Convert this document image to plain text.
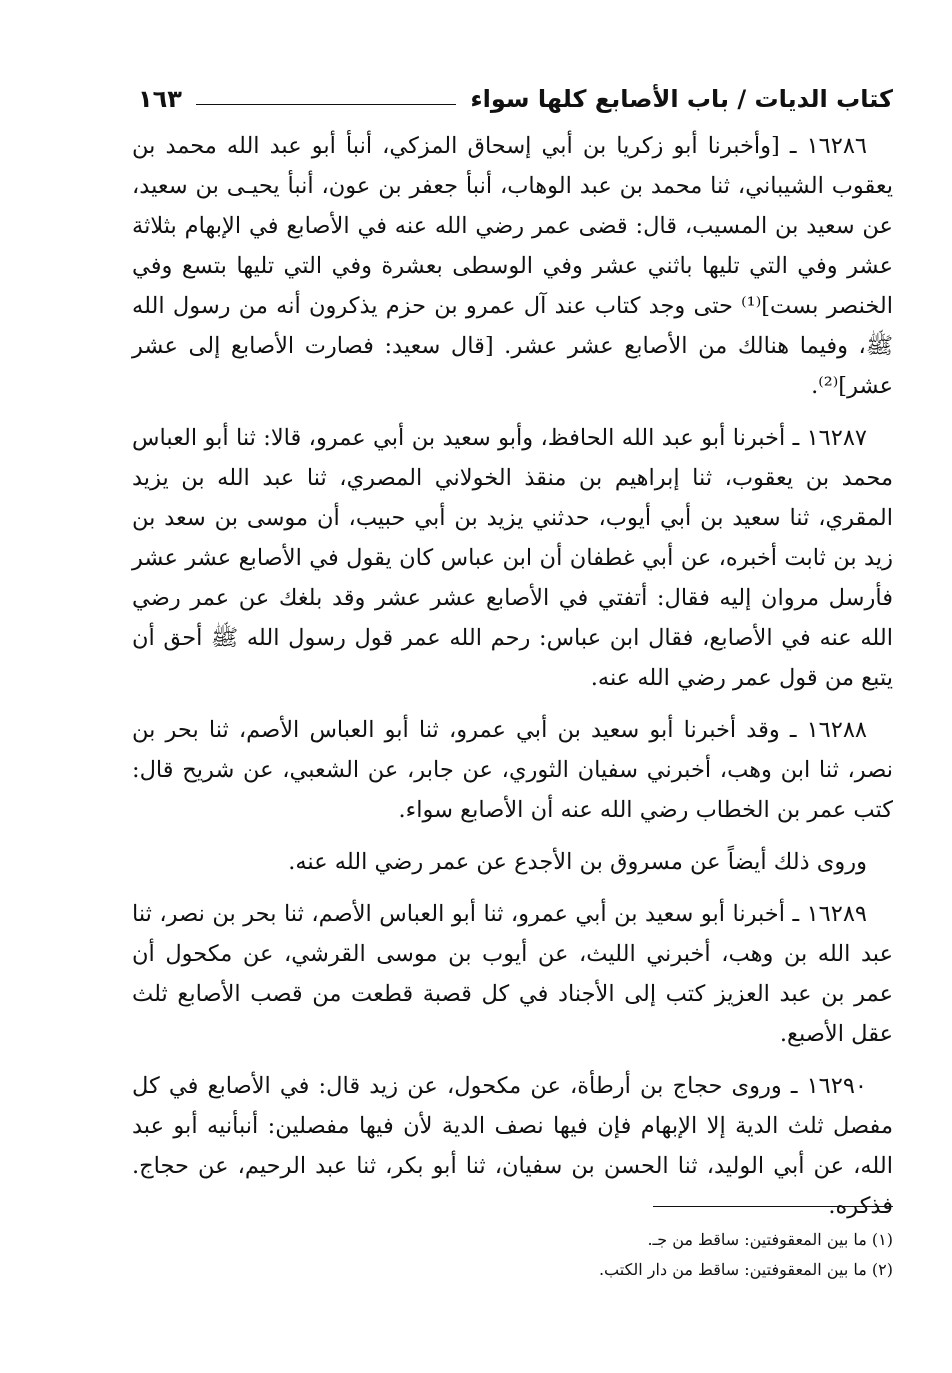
كتاب الديات / باب الأصابع كلها سواء
١٦٣

١٦٢٨٦ ـ [وأخبرنا أبو زكريا بن أبي إسحاق المزكي، أنبأ أبو عبد الله محمد بن يعقوب الشيباني، ثنا محمد بن عبد الوهاب، أنبأ جعفر بن عون، أنبأ يحيـى بن سعيد، عن سعيد بن المسيب، قال: قضى عمر رضي الله عنه في الأصابع في الإبهام بثلاثة عشر وفي التي تليها باثني عشر وفي الوسطى بعشرة وفي التي تليها بتسع وفي الخنصر بست]⁽¹⁾ حتى وجد كتاب عند آل عمرو بن حزم يذكرون أنه من رسول الله ﷺ، وفيما هنالك من الأصابع عشر عشر. [قال سعيد: فصارت الأصابع إلى عشر عشر]⁽²⁾.

١٦٢٨٧ ـ أخبرنا أبو عبد الله الحافظ، وأبو سعيد بن أبي عمرو، قالا: ثنا أبو العباس محمد بن يعقوب، ثنا إبراهيم بن منقذ الخولاني المصري، ثنا عبد الله بن يزيد المقري، ثنا سعيد بن أبي أيوب، حدثني يزيد بن أبي حبيب، أن موسى بن سعد بن زيد بن ثابت أخبره، عن أبي غطفان أن ابن عباس كان يقول في الأصابع عشر عشر فأرسل مروان إليه فقال: أتفتي في الأصابع عشر عشر وقد بلغك عن عمر رضي الله عنه في الأصابع، فقال ابن عباس: رحم الله عمر قول رسول الله ﷺ أحق أن يتبع من قول عمر رضي الله عنه.

١٦٢٨٨ ـ وقد أخبرنا أبو سعيد بن أبي عمرو، ثنا أبو العباس الأصم، ثنا بحر بن نصر، ثنا ابن وهب، أخبرني سفيان الثوري، عن جابر، عن الشعبي، عن شريح قال: كتب عمر بن الخطاب رضي الله عنه أن الأصابع سواء.

وروى ذلك أيضاً عن مسروق بن الأجدع عن عمر رضي الله عنه.

١٦٢٨٩ ـ أخبرنا أبو سعيد بن أبي عمرو، ثنا أبو العباس الأصم، ثنا بحر بن نصر، ثنا عبد الله بن وهب، أخبرني الليث، عن أيوب بن موسى القرشي، عن مكحول أن عمر بن عبد العزيز كتب إلى الأجناد في كل قصبة قطعت من قصب الأصابع ثلث عقل الأصبع.

١٦٢٩٠ ـ وروى حجاج بن أرطأة، عن مكحول، عن زيد قال: في الأصابع في كل مفصل ثلث الدية إلا الإبهام فإن فيها نصف الدية لأن فيها مفصلين: أنبأنيه أبو عبد الله، عن أبي الوليد، ثنا الحسن بن سفيان، ثنا أبو بكر، ثنا عبد الرحيم، عن حجاج. فذكره.

(١) ما بين المعقوفتين: ساقط من جـ.

(٢) ما بين المعقوفتين: ساقط من دار الكتب.
